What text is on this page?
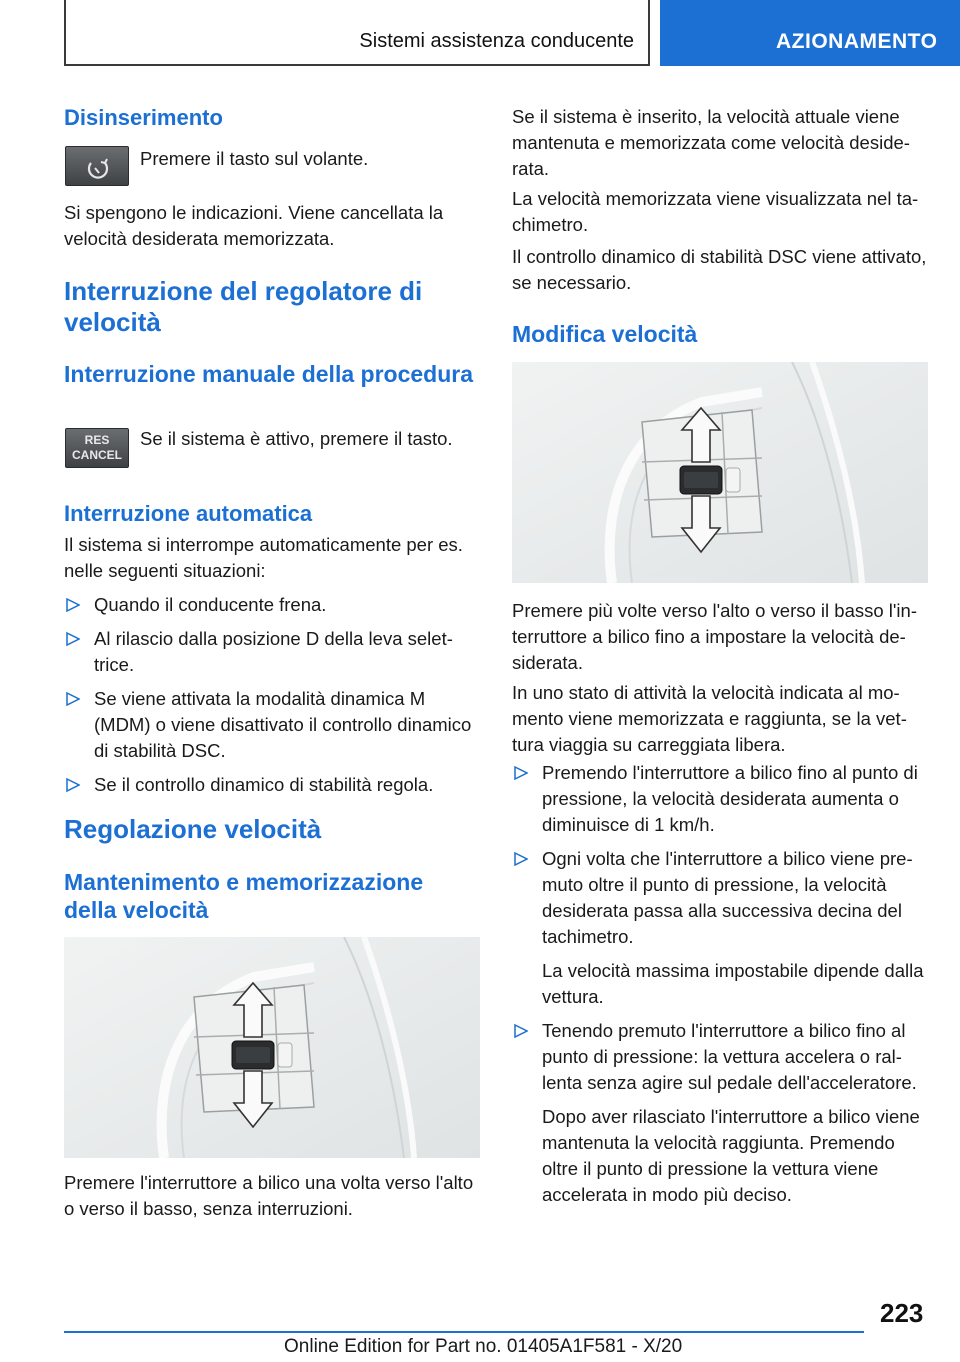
Sistemi assistenza conducente	AZIONAMENTO
Disinserimento

Premere il tasto sul volante.

Si spengono le indicazioni. Viene cancellata la velocità desiderata memorizzata.

Interruzione del regolatore di velocità
Interruzione manuale della procedura
RES
CANCEL

Se il sistema è attivo, premere il tasto.

Interruzione automatica

Il sistema si interrompe automaticamente per es. nelle seguenti situazioni:

Quando il conducente frena.
Al rilascio dalla posizione D della leva selettrice.
Se viene attivata la modalità dinamica M (MDM) o viene disattivato il controllo dinamico di stabilità DSC.
Se il controllo dinamico di stabilità regola.
Regolazione velocità
Mantenimento e memorizzazione della velocità

Premere l'interruttore a bilico una volta verso l'alto o verso il basso, senza interruzioni.

Se il sistema è inserito, la velocità attuale viene mantenuta e memorizzata come velocità desiderata.

La velocità memorizzata viene visualizzata nel tachimetro.

Il controllo dinamico di stabilità DSC viene attivato, se necessario.

Modifica velocità

Premere più volte verso l'alto o verso il basso l'interruttore a bilico fino a impostare la velocità desiderata.

In uno stato di attività la velocità indicata al momento viene memorizzata e raggiunta, se la vettura viaggia su carreggiata libera.

Premendo l'interruttore a bilico fino al punto di pressione, la velocità desiderata aumenta o diminuisce di 1 km/h.
Ogni volta che l'interruttore a bilico viene premuto oltre il punto di pressione, la velocità desiderata passa alla successiva decina del tachimetro.
La velocità massima impostabile dipende dalla vettura.
Tenendo premuto l'interruttore a bilico fino al punto di pressione: la vettura accelera o rallenta senza agire sul pedale dell'acceleratore.
Dopo aver rilasciato l'interruttore a bilico viene mantenuta la velocità raggiunta. Premendo oltre il punto di pressione la vettura viene accelerata in modo più deciso.
223
Online Edition for Part no. 01405A1F581 - X/20
